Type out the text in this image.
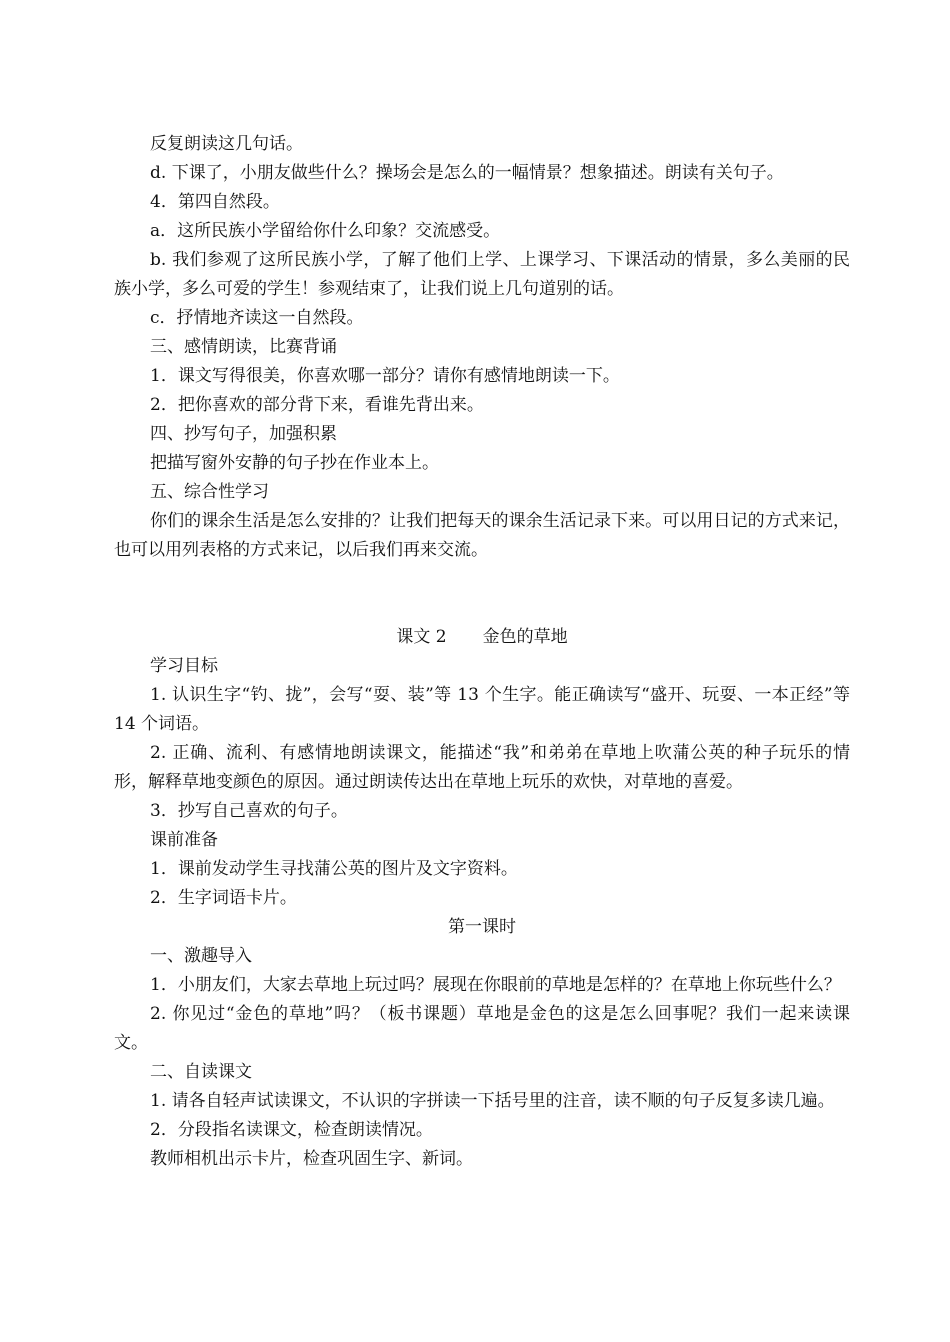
反复朗读这几句话。

d. 下课了，小朋友做些什么？操场会是怎么的一幅情景？想象描述。朗读有关句子。

4．第四自然段。

a．这所民族小学留给你什么印象？交流感受。

b. 我们参观了这所民族小学，了解了他们上学、上课学习、下课活动的情景，多么美丽的民族小学，多么可爱的学生！参观结束了，让我们说上几句道别的话。

c．抒情地齐读这一自然段。

三、感情朗读，比赛背诵

1．课文写得很美，你喜欢哪一部分？请你有感情地朗读一下。

2．把你喜欢的部分背下来，看谁先背出来。

四、抄写句子，加强积累

把描写窗外安静的句子抄在作业本上。

五、综合性学习

你们的课余生活是怎么安排的？让我们把每天的课余生活记录下来。可以用日记的方式来记，也可以用列表格的方式来记，以后我们再来交流。

课文 2 金色的草地

学习目标

1. 认识生字“钓、拢”，会写“耍、装”等 13 个生字。能正确读写“盛开、玩耍、一本正经”等 14 个词语。

2. 正确、流利、有感情地朗读课文，能描述“我”和弟弟在草地上吹蒲公英的种子玩乐的情形，解释草地变颜色的原因。通过朗读传达出在草地上玩乐的欢快，对草地的喜爱。

3．抄写自己喜欢的句子。

课前准备

1．课前发动学生寻找蒲公英的图片及文字资料。

2．生字词语卡片。

第一课时

一、激趣导入

1．小朋友们，大家去草地上玩过吗？展现在你眼前的草地是怎样的？在草地上你玩些什么？

2. 你见过“金色的草地”吗？（板书课题）草地是金色的这是怎么回事呢？我们一起来读课文。

二、自读课文

1. 请各自轻声试读课文，不认识的字拼读一下括号里的注音，读不顺的句子反复多读几遍。

2．分段指名读课文，检查朗读情况。

教师相机出示卡片，检查巩固生字、新词。
